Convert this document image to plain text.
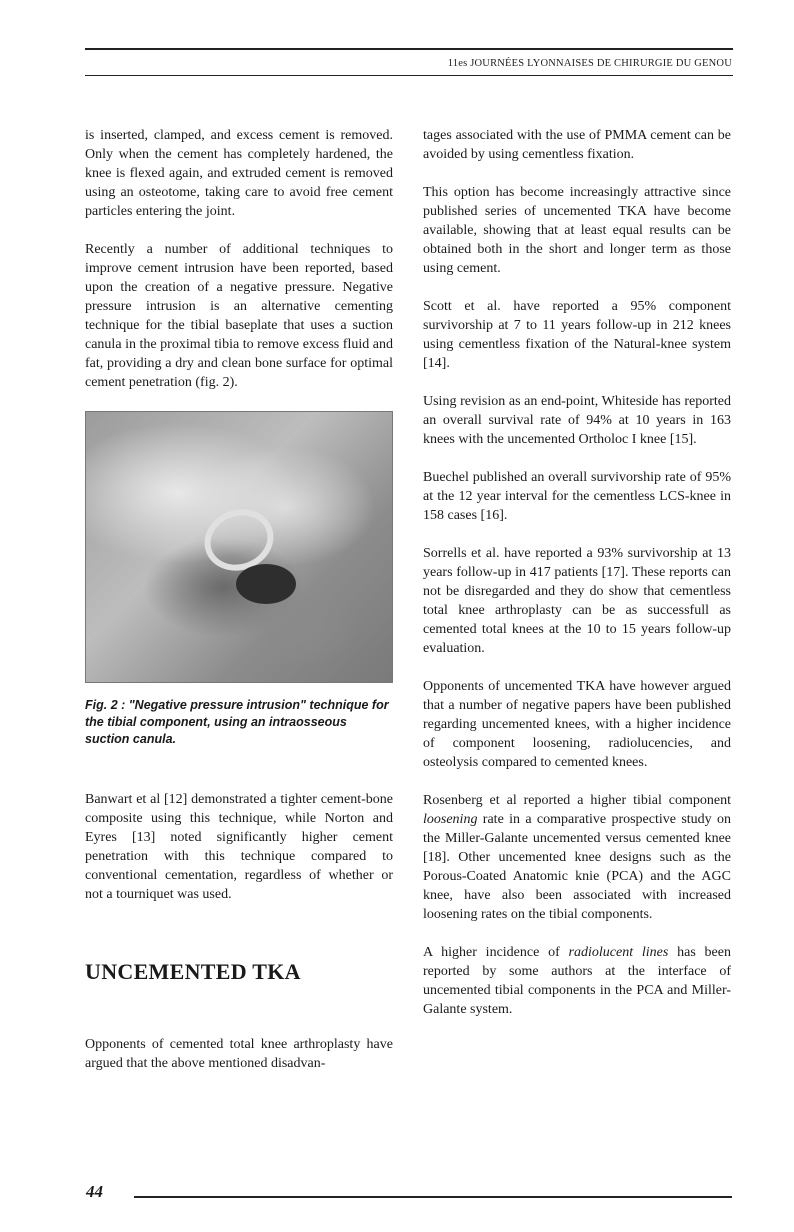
11es JOURNÉES LYONNAISES DE CHIRURGIE DU GENOU

is inserted, clamped, and excess cement is removed. Only when the cement has completely hardened, the knee is flexed again, and extruded cement is removed using an osteotome, taking care to avoid free cement particles entering the joint.

Recently a number of additional techniques to improve cement intrusion have been reported, based upon the creation of a negative pressure. Negative pressure intrusion is an alternative cementing technique for the tibial baseplate that uses a suction canula in the proximal tibia to remove excess fluid and fat, providing a dry and clean bone surface for optimal cement penetration (fig. 2).

Fig. 2 : "Negative pressure intrusion" technique for the tibial component, using an intraosseous suction canula.

Banwart et al [12] demonstrated a tighter cement-bone composite using this technique, while Norton and Eyres [13] noted significantly higher cement penetration with this technique compared to conventional cementation, regardless of whether or not a tourniquet was used.

UNCEMENTED TKA

Opponents of cemented total knee arthroplasty have argued that the above mentioned disadvan-

tages associated with the use of PMMA cement can be avoided by using cementless fixation.

This option has become increasingly attractive since published series of uncemented TKA have become available, showing that at least equal results can be obtained both in the short and longer term as those using cement.

Scott et al. have reported a 95% component survivorship at 7 to 11 years follow-up in 212 knees using cementless fixation of the Natural-knee system [14].

Using revision as an end-point, Whiteside has reported an overall survival rate of 94% at 10 years in 163 knees with the uncemented Ortholoc I knee [15].

Buechel published an overall survivorship rate of 95% at the 12 year interval for the cementless LCS-knee in 158 cases [16].

Sorrells et al. have reported a 93% survivorship at 13 years follow-up in 417 patients [17]. These reports can not be disregarded and they do show that cementless total knee arthroplasty can be as successfull as cemented total knees at the 10 to 15 years follow-up evaluation.

Opponents of uncemented TKA have however argued that a number of negative papers have been published regarding uncemented knees, with a higher incidence of component loosening, radiolucencies, and osteolysis compared to cemented knees.

Rosenberg et al reported a higher tibial component loosening rate in a comparative prospective study on the Miller-Galante uncemented versus cemented knee [18]. Other uncemented knee designs such as the Porous-Coated Anatomic knie (PCA) and the AGC knee, have also been associated with increased loosening rates on the tibial components.

A higher incidence of radiolucent lines has been reported by some authors at the interface of uncemented tibial components in the PCA and Miller-Galante system.

44
